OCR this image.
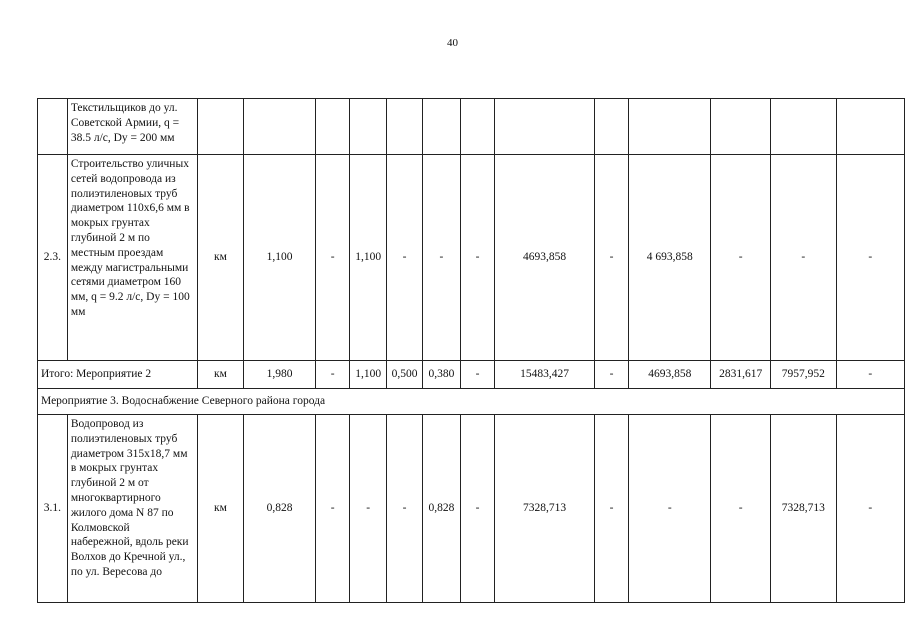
40
	Текстильщиков до ул. Советской Армии, q = 38.5 л/с, Dу = 200 мм													
2.3.	Строительство уличных сетей водопровода из полиэтиленовых труб диаметром 110х6,6 мм в мокрых грунтах глубиной 2 м по местным проездам между магистральными сетями диаметром 160 мм, q = 9.2 л/с, Dу = 100 мм	км	1,100	-	1,100	-	-	-	4693,858	-	4 693,858	-	-	-
Итого: Мероприятие 2		км	1,980	-	1,100	0,500	0,380	-	15483,427	-	4693,858	2831,617	7957,952	-
Мероприятие 3. Водоснабжение Северного района города														
3.1.	Водопровод из полиэтиленовых труб диаметром 315х18,7 мм в мокрых грунтах глубиной 2 м от многоквартирного жилого дома N 87 по Колмовской набережной, вдоль реки Волхов до Кречной ул., по ул. Вересова до	км	0,828	-	-	-	0,828	-	7328,713	-	-	-	7328,713	-
